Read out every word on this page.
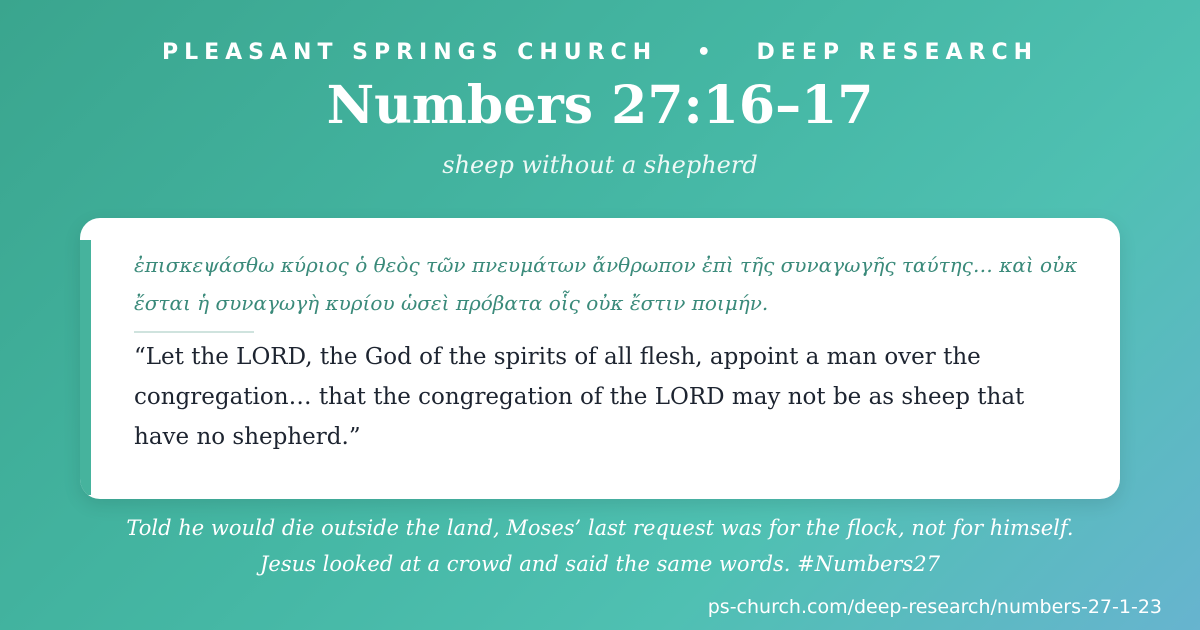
PLEASANT SPRINGS CHURCH • DEEP RESEARCH
Numbers 27:16–17
sheep without a shepherd
ἐπισκεψάσθω κύριος ὁ θεὸς τῶν πνευμάτων ἄνθρωπον ἐπὶ τῆς συναγωγῆς ταύτης… καὶ οὐκ ἔσται ἡ συναγωγὴ κυρίου ὡσεὶ πρόβατα οἷς οὐκ ἔστιν ποιμήν.
“Let the LORD, the God of the spirits of all flesh, appoint a man over the congregation… that the congregation of the LORD may not be as sheep that have no shepherd.”
Told he would die outside the land, Moses’ last request was for the flock, not for himself.
Jesus looked at a crowd and said the same words. #Numbers27
ps-church.com/deep-research/numbers-27-1-23
